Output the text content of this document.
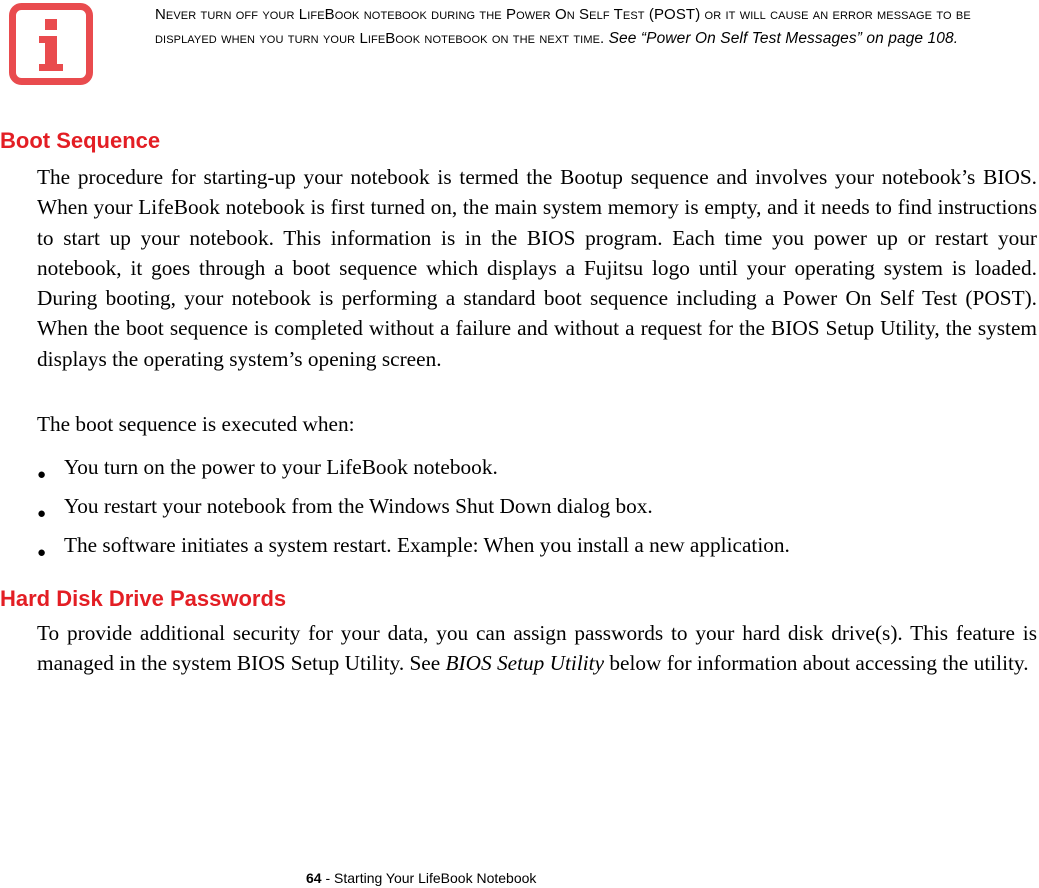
Never turn off your LifeBook notebook during the Power On Self Test (POST) or it will cause an error message to be displayed when you turn your LifeBook notebook on the next time. See “Power On Self Test Messages” on page 108.
Boot Sequence

The procedure for starting-up your notebook is termed the Bootup sequence and involves your notebook’s BIOS. When your LifeBook notebook is first turned on, the main system memory is empty, and it needs to find instructions to start up your notebook. This information is in the BIOS program. Each time you power up or restart your notebook, it goes through a boot sequence which displays a Fujitsu logo until your operating system is loaded. During booting, your notebook is performing a standard boot sequence including a Power On Self Test (POST). When the boot sequence is completed without a failure and without a request for the BIOS Setup Utility, the system displays the operating system’s opening screen.

The boot sequence is executed when:

● You turn on the power to your LifeBook notebook.
● You restart your notebook from the Windows Shut Down dialog box.
● The software initiates a system restart. Example: When you install a new application.
Hard Disk Drive Passwords

To provide additional security for your data, you can assign passwords to your hard disk drive(s). This feature is managed in the system BIOS Setup Utility. See BIOS Setup Utility below for information about accessing the utility.

64 - Starting Your LifeBook Notebook
